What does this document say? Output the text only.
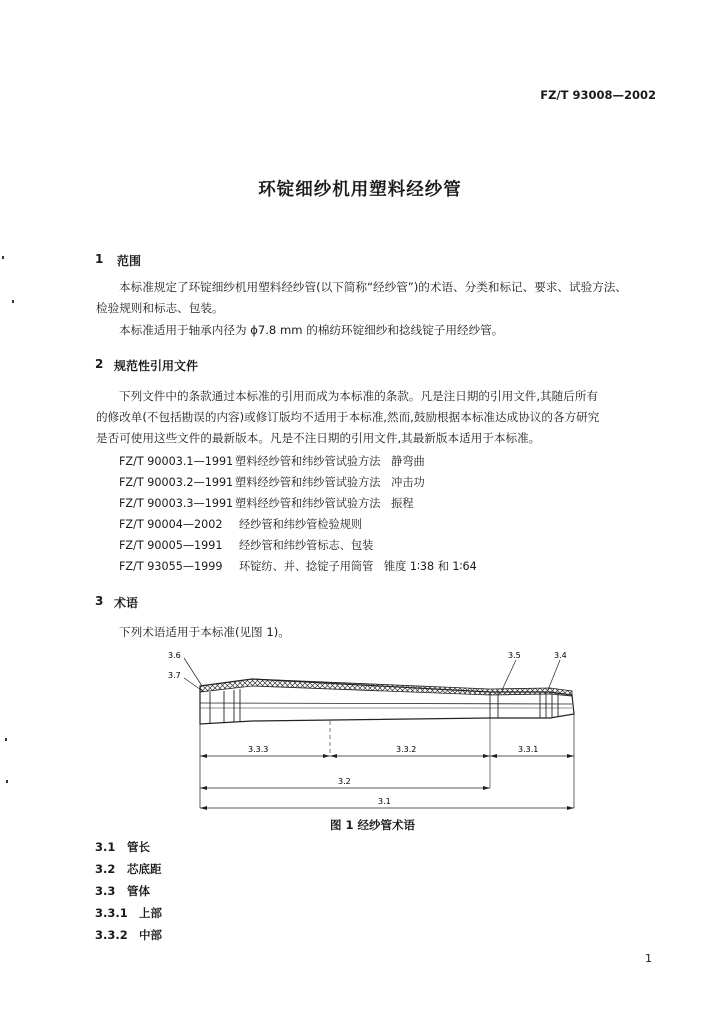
FZ/T 93008—2002
环锭细纱机用塑料经纱管
1 范围
本标准规定了环锭细纱机用塑料经纱管(以下简称“经纱管”)的术语、分类和标记、要求、试验方法、
检验规则和标志、包装。
本标准适用于轴承内径为 ϕ7.8 mm 的棉纺环锭细纱和捻线锭子用经纱管。
2 规范性引用文件
下列文件中的条款通过本标准的引用而成为本标准的条款。凡是注日期的引用文件,其随后所有
的修改单(不包括勘误的内容)或修订版均不适用于本标准,然而,鼓励根据本标准达成协议的各方研究
是否可使用这些文件的最新版本。凡是不注日期的引用文件,其最新版本适用于本标准。
FZ/T 90003.1—1991 塑料经纱管和纬纱管试验方法 静弯曲
FZ/T 90003.2—1991 塑料经纱管和纬纱管试验方法 冲击功
FZ/T 90003.3—1991 塑料经纱管和纬纱管试验方法 振程
FZ/T 90004—2002 经纱管和纬纱管检验规则
FZ/T 90005—1991 经纱管和纬纱管标志、包装
FZ/T 93055—1999 环锭纺、并、捻锭子用筒管 锥度 1∶38 和 1∶64
3 术语
下列术语适用于本标准(见图 1)。
3.6
3.7
3.5	3.4
3.3.3	3.3.2	3.3.1
3.2
3.1
图 1 经纱管术语
3.1 管长
3.2 芯底距
3.3 管体
3.3.1 上部
3.3.2 中部
1
